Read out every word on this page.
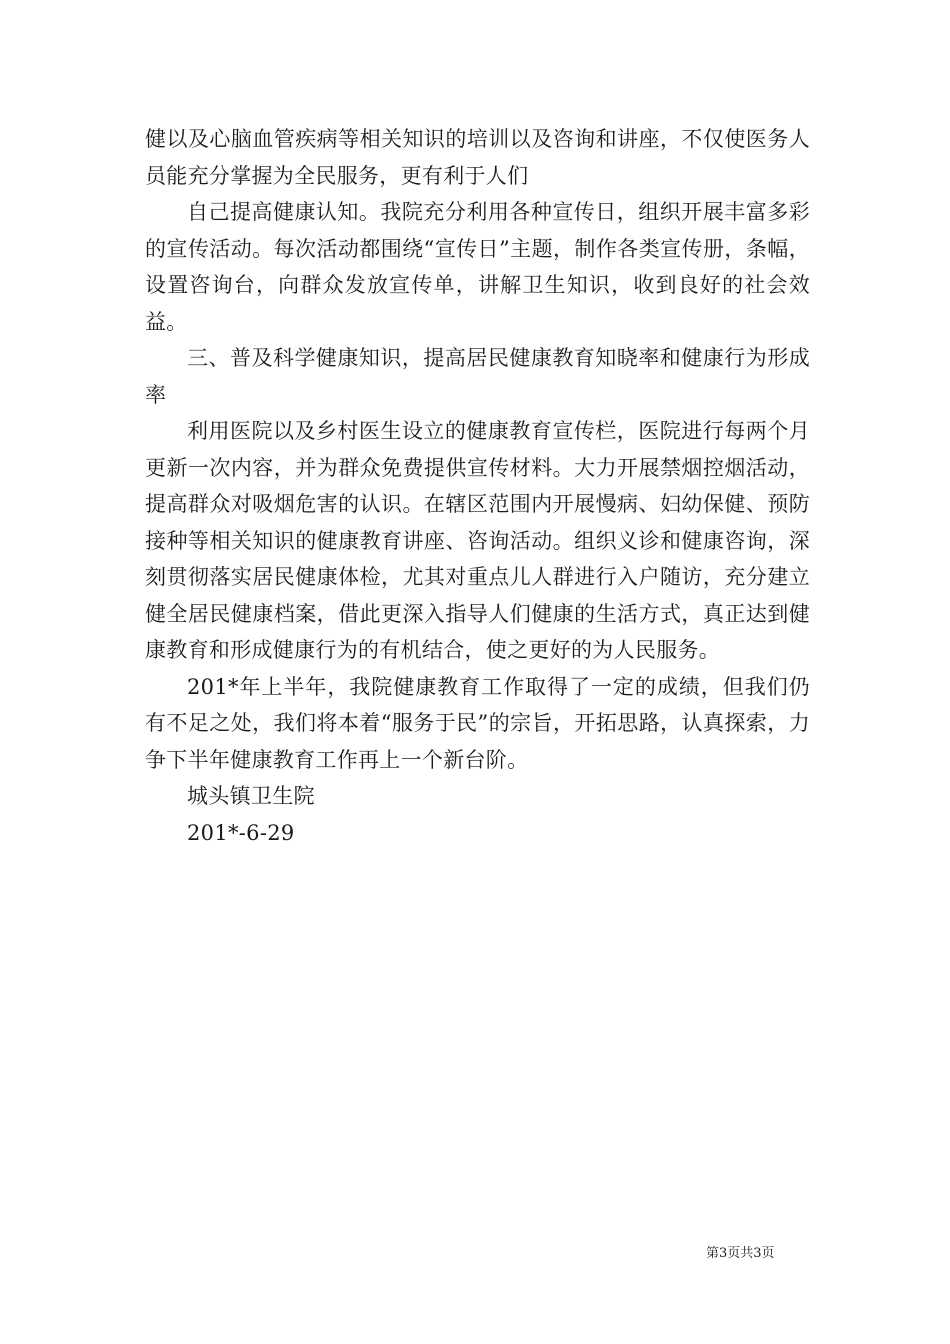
健以及心脑血管疾病等相关知识的培训以及咨询和讲座，不仅使医务人员能充分掌握为全民服务，更有利于人们

自己提高健康认知。我院充分利用各种宣传日，组织开展丰富多彩的宣传活动。每次活动都围绕“宣传日”主题，制作各类宣传册，条幅，设置咨询台，向群众发放宣传单，讲解卫生知识，收到良好的社会效益。

三、普及科学健康知识，提高居民健康教育知晓率和健康行为形成率

利用医院以及乡村医生设立的健康教育宣传栏，医院进行每两个月更新一次内容，并为群众免费提供宣传材料。大力开展禁烟控烟活动，提高群众对吸烟危害的认识。在辖区范围内开展慢病、妇幼保健、预防接种等相关知识的健康教育讲座、咨询活动。组织义诊和健康咨询，深刻贯彻落实居民健康体检，尤其对重点儿人群进行入户随访，充分建立健全居民健康档案，借此更深入指导人们健康的生活方式，真正达到健康教育和形成健康行为的有机结合，使之更好的为人民服务。

201*年上半年，我院健康教育工作取得了一定的成绩，但我们仍有不足之处，我们将本着“服务于民”的宗旨，开拓思路，认真探索，力争下半年健康教育工作再上一个新台阶。

城头镇卫生院

201*-6-29

第3页共3页
